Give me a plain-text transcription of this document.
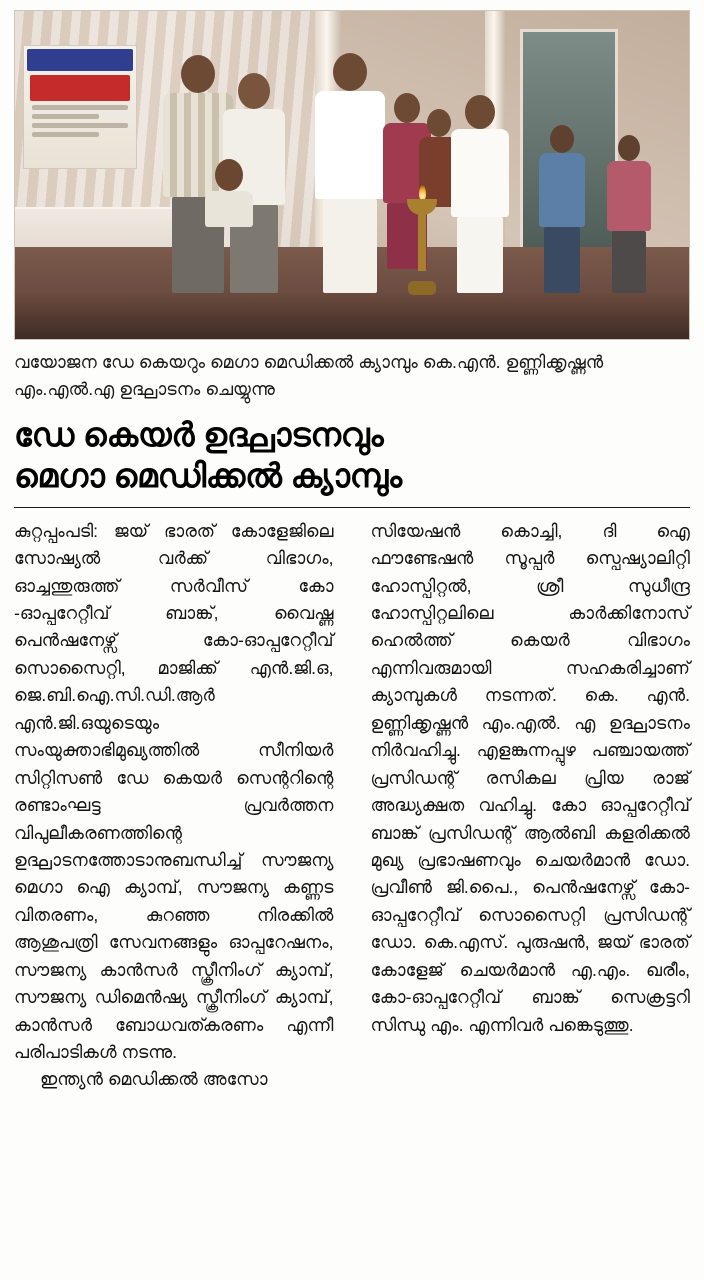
വയോജന ഡേ കെയറും മെഗാ മെഡിക്കൽ ക്യാമ്പും കെ.എൻ. ഉണ്ണിക്കൃഷ്ണൻ എം.എൽ.എ ഉദ്ഘാടനം ചെയ്യുന്നു
ഡേ കെയർ ഉദ്ഘാടനവും
മെഗാ മെഡിക്കൽ ക്യാമ്പും

കുറ്റപ്പംപടി: ജയ് ഭാരത് കോളേജിലെ സോഷ്യൽ വർക്ക് വിഭാഗം, ഓച്ചന്തുരുത്ത് സർവീസ് കോ -ഓപ്പറേറ്റീവ് ബാങ്ക്, വൈഷ്ണ പെൻഷനേഴ്സ് കോ-ഓപ്പറേറ്റീവ് സൊസൈറ്റി, മാജിക്ക് എൻ.ജി.ഒ, ജെ.ബി.ഐ.സി.ഡി.ആർ എൻ.ജി.ഒയുടെയും സംയുക്താഭിമുഖ്യത്തിൽ സീനിയർ സിറ്റിസൺ ഡേ കെയർ സെന്ററിന്റെ രണ്ടാംഘട്ട പ്രവർത്തന വിപുലീകരണത്തിന്റെ ഉദ്ഘാടനത്തോടാനുബന്ധിച്ച് സൗജന്യ മെഗാ ഐ ക്യാമ്പ്, സൗജന്യ കണ്ണട വിതരണം, കുറഞ്ഞ നിരക്കിൽ ആശുപത്രി സേവനങ്ങളും ഓപ്പറേഷനം, സൗജന്യ കാൻസർ സ്ക്രീനിംഗ് ക്യാമ്പ്, സൗജന്യ ഡിമെൻഷ്യ സ്ക്രീനിംഗ് ക്യാമ്പ്, കാൻസർ ബോധവത്കരണം എന്നീ പരിപാടികൾ നടന്നു.

ഇന്ത്യൻ മെഡിക്കൽ അസോ

സിയേഷൻ കൊച്ചി, ദി ഐ ഫൗണ്ടേഷൻ സൂപ്പർ സ്പെഷ്യാലിറ്റി ഹോസ്പിറ്റൽ, ശ്രീ സുധീന്ദ്ര ഹോസ്പിറ്റലിലെ കാർക്കിനോസ് ഹെൽത്ത് കെയർ വിഭാഗം എന്നിവരുമായി സഹകരിച്ചാണ് ക്യാമ്പുകൾ നടന്നത്. കെ. എൻ. ഉണ്ണിക്കൃഷ്ണൻ എം.എൽ. എ ഉദ്ഘാടനം നിർവഹിച്ചു. എളങ്കുന്നപ്പുഴ പഞ്ചായത്ത് പ്രസിഡന്റ് രസികല പ്രിയ രാജ് അദ്ധ്യക്ഷത വഹിച്ചു. കോ ഓപ്പറേറ്റീവ് ബാങ്ക് പ്രസിഡന്റ് ആൽബി കളരിക്കൽ മുഖ്യ പ്രഭാഷണവും ചെയർമാൻ ഡോ. പ്രവീൺ ജി.പൈ., പെൻഷനേഴ്സ് കോ- ഓപ്പറേറ്റീവ് സൊസൈറ്റി പ്രസിഡന്റ് ഡോ. കെ.എസ്. പുരുഷൻ, ജയ് ഭാരത് കോളേജ് ചെയർമാൻ എ.എം. ഖരീം, കോ-ഓപ്പറേറ്റീവ് ബാങ്ക് സെക്രട്ടറി സിന്ധു എം. എന്നിവർ പങ്കെടുത്തു.
